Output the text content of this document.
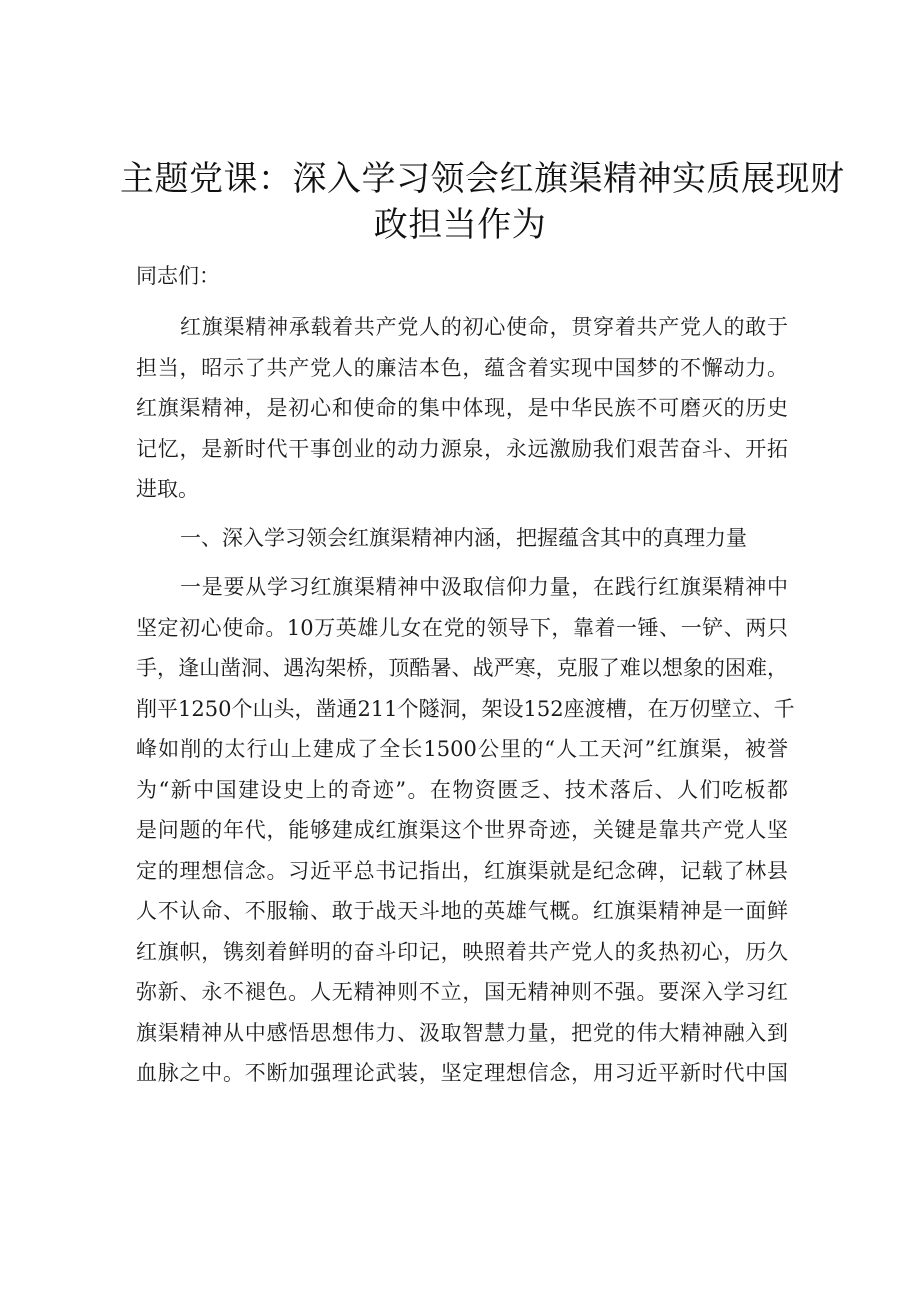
主题党课：深入学习领会红旗渠精神实质展现财
政担当作为

同志们：

红旗渠精神承载着共产党人的初心使命，贯穿着共产党人的敢于
担当，昭示了共产党人的廉洁本色，蕴含着实现中国梦的不懈动力。
红旗渠精神，是初心和使命的集中体现，是中华民族不可磨灭的历史
记忆，是新时代干事创业的动力源泉，永远激励我们艰苦奋斗、开拓
进取。

一、深入学习领会红旗渠精神内涵，把握蕴含其中的真理力量

一是要从学习红旗渠精神中汲取信仰力量，在践行红旗渠精神中
坚定初心使命。10万英雄儿女在党的领导下，靠着一锤、一铲、两只
手，逢山凿洞、遇沟架桥，顶酷暑、战严寒，克服了难以想象的困难，
削平1250个山头，凿通211个隧洞，架设152座渡槽，在万仞壁立、千
峰如削的太行山上建成了全长1500公里的“人工天河”红旗渠，被誉
为“新中国建设史上的奇迹”。在物资匮乏、技术落后、人们吃板都
是问题的年代，能够建成红旗渠这个世界奇迹，关键是靠共产党人坚
定的理想信念。习近平总书记指出，红旗渠就是纪念碑，记载了林县
人不认命、不服输、敢于战天斗地的英雄气概。红旗渠精神是一面鲜
红旗帜，镌刻着鲜明的奋斗印记，映照着共产党人的炙热初心，历久
弥新、永不褪色。人无精神则不立，国无精神则不强。要深入学习红
旗渠精神从中感悟思想伟力、汲取智慧力量，把党的伟大精神融入到
血脉之中。不断加强理论武装，坚定理想信念，用习近平新时代中国
